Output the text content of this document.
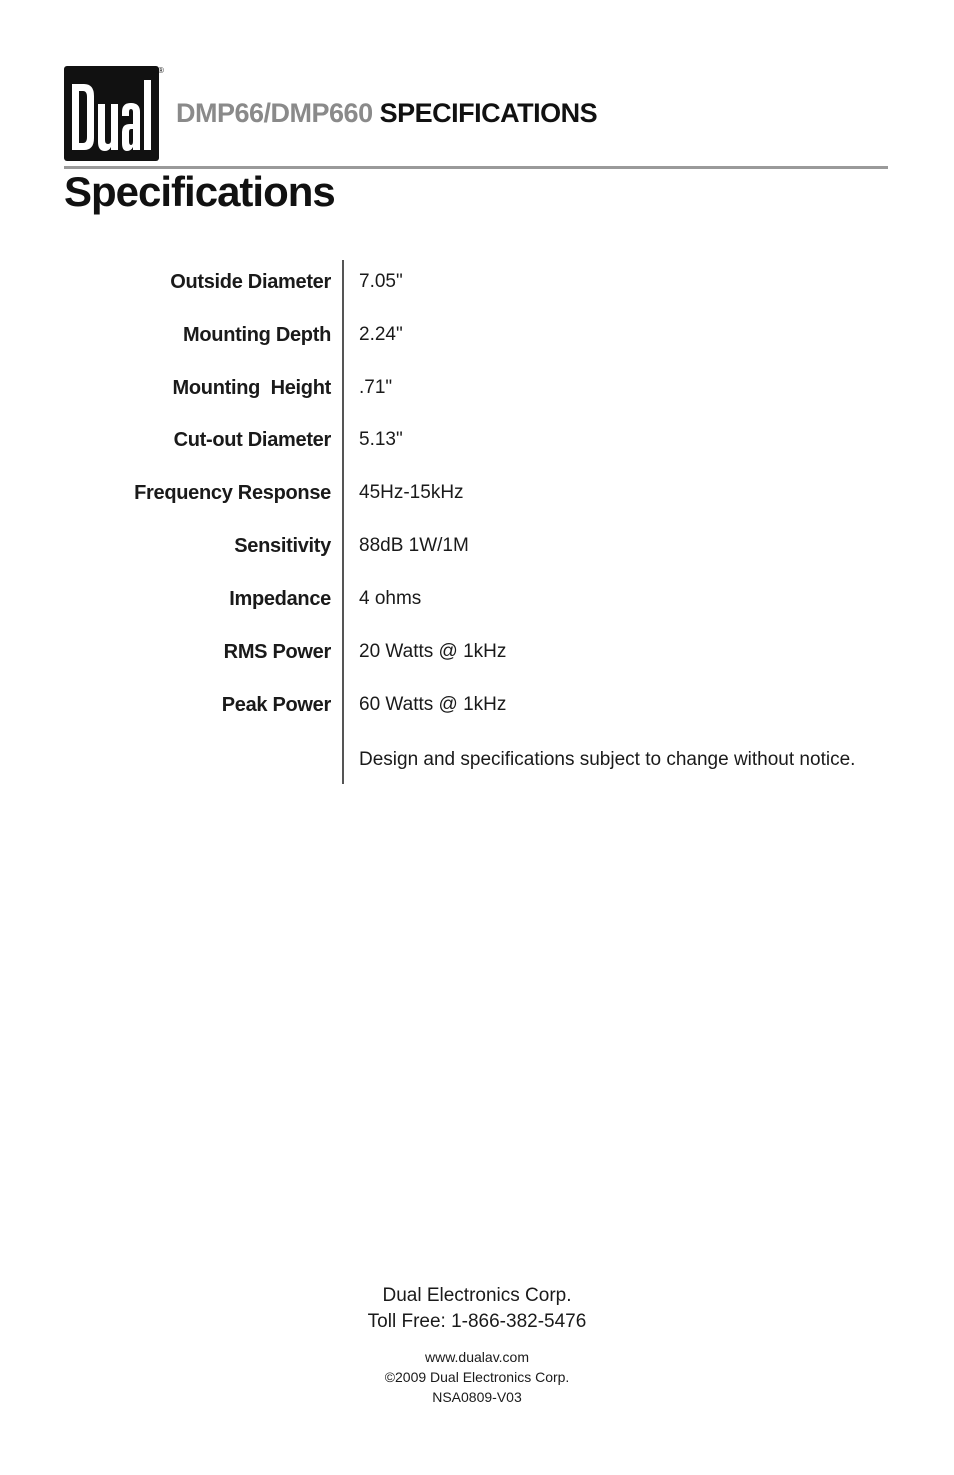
®
DMP66/DMP660 SPECIFICATIONS
Specifications
Outside Diameter 7.05"
Mounting Depth 2.24"
Mounting  Height .71"
Cut-out Diameter 5.13"
Frequency Response 45Hz-15kHz
Sensitivity 88dB 1W/1M
Impedance 4 ohms
RMS Power 20 Watts @ 1kHz
Peak Power 60 Watts @ 1kHz
Design and specifications subject to change without notice.
Dual Electronics Corp.
Toll Free: 1-866-382-5476
www.dualav.com
©2009 Dual Electronics Corp.
NSA0809-V03
